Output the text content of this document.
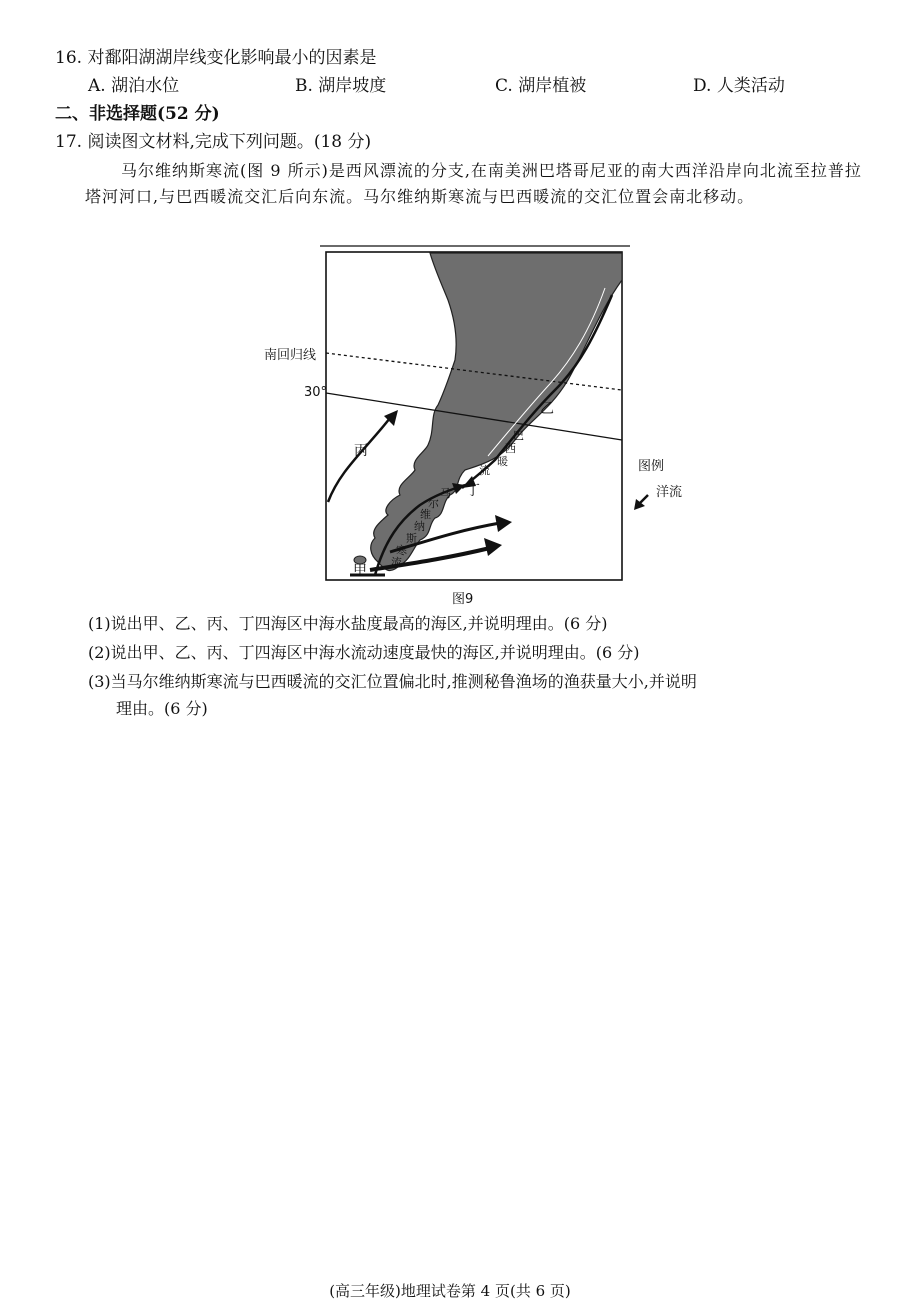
16. 对鄱阳湖湖岸线变化影响最小的因素是
A. 湖泊水位	B. 湖岸坡度	C. 湖岸植被	D. 人类活动
二、非选择题(52 分)
17. 阅读图文材料,完成下列问题。(18 分)
马尔维纳斯寒流(图 9 所示)是西风漂流的分支,在南美洲巴塔哥尼亚的南大西洋沿岸向北流至拉普拉塔河河口,与巴西暖流交汇后向东流。马尔维纳斯寒流与巴西暖流的交汇位置会南北移动。
南回归线
30°
丙
乙
丁
甲
巴
西
暖
流
马
尔
维
纳
斯
寒
流
图例
洋流
图9
(1)说出甲、乙、丙、丁四海区中海水盐度最高的海区,并说明理由。(6 分)
(2)说出甲、乙、丙、丁四海区中海水流动速度最快的海区,并说明理由。(6 分)
(3)当马尔维纳斯寒流与巴西暖流的交汇位置偏北时,推测秘鲁渔场的渔获量大小,并说明
理由。(6 分)
(高三年级)地理试卷第 4 页(共 6 页)
